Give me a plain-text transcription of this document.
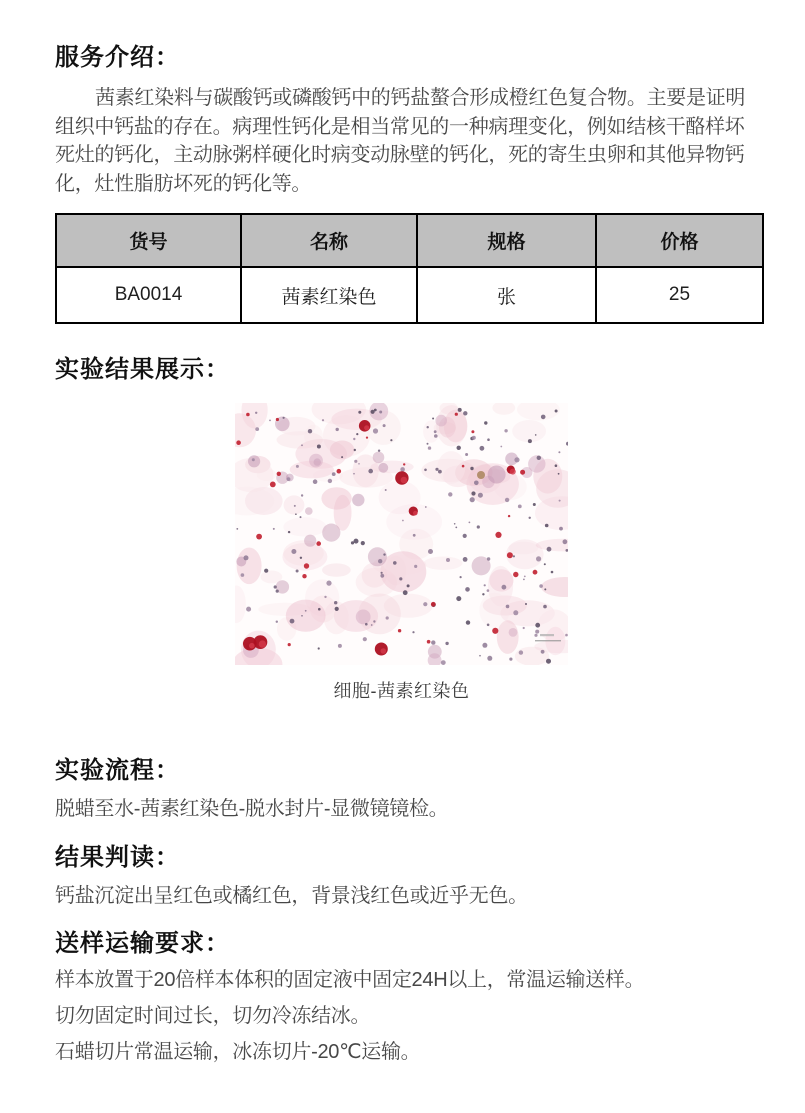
服务介绍：

茜素红染料与碳酸钙或磷酸钙中的钙盐螯合形成橙红色复合物。主要是证明组织中钙盐的存在。病理性钙化是相当常见的一种病理变化，例如结核干酪样坏死灶的钙化，主动脉粥样硬化时病变动脉壁的钙化，死的寄生虫卵和其他异物钙化，灶性脂肪坏死的钙化等。

货号	名称	规格	价格
BA0014	茜素红染色	张	25
实验结果展示：
细胞-茜素红染色
实验流程：

脱蜡至水-茜素红染色-脱水封片-显微镜镜检。

结果判读：

钙盐沉淀出呈红色或橘红色，背景浅红色或近乎无色。

送样运输要求：

样本放置于20倍样本体积的固定液中固定24H以上，常温运输送样。

切勿固定时间过长，切勿冷冻结冰。

石蜡切片常温运输，冰冻切片-20℃运输。
